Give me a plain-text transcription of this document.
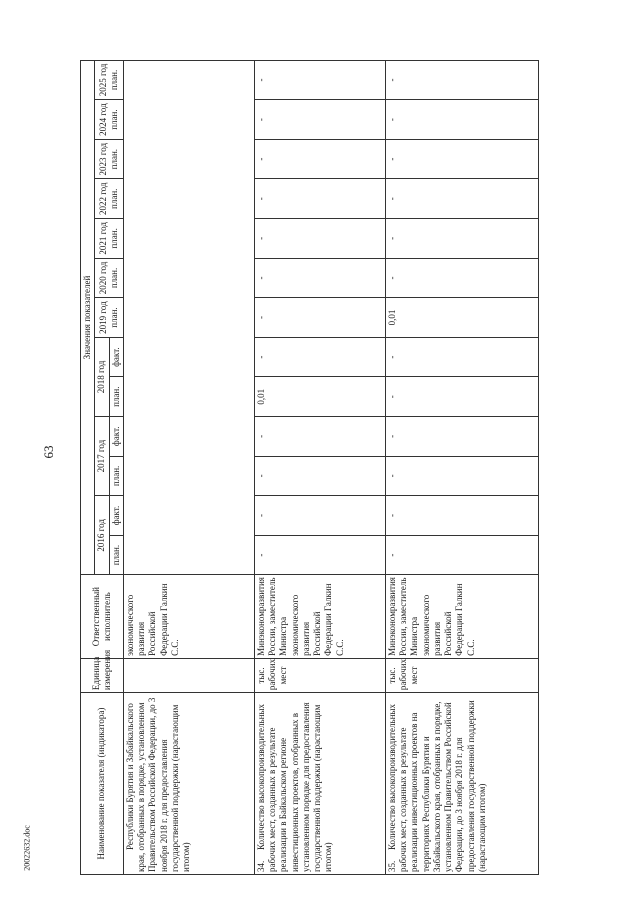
63
20022632.doc	Наименование показателя (индикатора)	Единица измерения	Ответственный исполнитель	Значения показателей												
			2016 год		2017 год		2018 год		2019 год план.	2020 год план.	2021 год план.	2022 год план.	2023 год план.	2024 год план.	2025 год план.
			план.	факт.	план.	факт.	план.	факт.							
Республики Бурятия и Забайкальского края, отобранных в порядке, установленном Правительством Российской Федерации, до 3 ноября 2018 г. для предоставления государственной поддержки (нарастающим итогом)		экономического развития Российской Федерации Галкин С.С.													
34.Количество высокопроизводительных рабочих мест, созданных в результате реализации в Байкальском регионе инвестиционных проектов, отобранных в установленном порядке для предоставления государственной поддержки (нарастающим итогом)	тыс. рабочих мест	Минэкономразвития России, заместитель Министра экономического развития Российской Федерации Галкин С.С.	-	-	-	-	0,01	-	-	-	-	-	-	-	-
35.Количество высокопроизводительных рабочих мест, созданных в результате реализации инвестиционных проектов на территориях Республики Бурятия и Забайкальского края, отобранных в порядке, установленном Правительством Российской Федерации, до 3 ноября 2018 г. для предоставления государственной поддержки (нарастающим итогом)	тыс. рабочих мест	Минэкономразвития России, заместитель Министра экономического развития Российской Федерации Галкин С.С.	-	-	-	-	-	-	0,01	-	-	-	-	-	-
